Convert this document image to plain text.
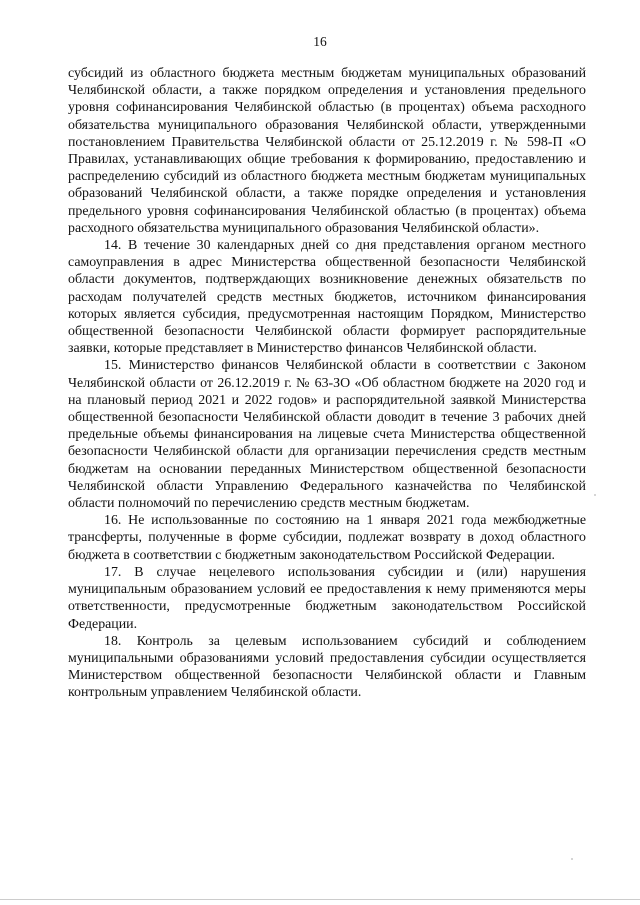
16

субсидий из областного бюджета местным бюджетам муниципальных образований Челябинской области, а также порядком определения и установления предельного уровня софинансирования Челябинской областью (в процентах) объема расходного обязательства муниципального образования Челябинской области, утвержденными постановлением Правительства Челябинской области от 25.12.2019 г. № 598-П «О Правилах, устанавливающих общие требования к формированию, предоставлению и распределению субсидий из областного бюджета местным бюджетам муниципальных образований Челябинской области, а также порядке определения и установления предельного уровня софинансирования Челябинской областью (в процентах) объема расходного обязательства муниципального образования Челябинской области».

14. В течение 30 календарных дней со дня представления органом местного самоуправления в адрес Министерства общественной безопасности Челябинской области документов, подтверждающих возникновение денежных обязательств по расходам получателей средств местных бюджетов, источником финансирования которых является субсидия, предусмотренная настоящим Порядком, Министерство общественной безопасности Челябинской области формирует распорядительные заявки, которые представляет в Министерство финансов Челябинской области.

15. Министерство финансов Челябинской области в соответствии с Законом Челябинской области от 26.12.2019 г. № 63-ЗО «Об областном бюджете на 2020 год и на плановый период 2021 и 2022 годов» и распорядительной заявкой Министерства общественной безопасности Челябинской области доводит в течение 3 рабочих дней предельные объемы финансирования на лицевые счета Министерства общественной безопасности Челябинской области для организации перечисления средств местным бюджетам на основании переданных Министерством общественной безопасности Челябинской области Управлению Федерального казначейства по Челябинской области полномочий по перечислению средств местным бюджетам.

16. Не использованные по состоянию на 1 января 2021 года межбюджетные трансферты, полученные в форме субсидии, подлежат возврату в доход областного бюджета в соответствии с бюджетным законодательством Российской Федерации.

17. В случае нецелевого использования субсидии и (или) нарушения муниципальным образованием условий ее предоставления к нему применяются меры ответственности, предусмотренные бюджетным законодательством Российской Федерации.

18. Контроль за целевым использованием субсидий и соблюдением муниципальными образованиями условий предоставления субсидии осуществляется Министерством общественной безопасности Челябинской области и Главным контрольным управлением Челябинской области.
